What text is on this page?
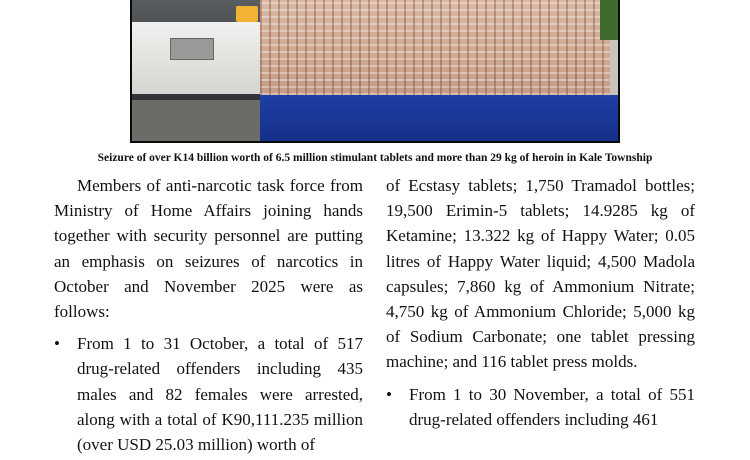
Seizure of over K14 billion worth of 6.5 million stimulant tablets and more than 29 kg of heroin in Kale Township

Members of anti-narcotic task force from Ministry of Home Affairs joining hands together with security personnel are putting an emphasis on seizures of narcotics in October and November 2025 were as follows:

• From 1 to 31 October, a total of 517 drug-related offenders including 435 males and 82 females were arrested, along with a total of K90,111.235 million (over USD 25.03 million) worth of

of Ecstasy tablets; 1,750 Tramadol bottles; 19,500 Erimin-5 tablets; 14.9285 kg of Ketamine; 13.322 kg of Happy Water; 0.05 litres of Happy Water liquid; 4,500 Madola capsules; 7,860 kg of Ammonium Nitrate; 4,750 kg of Ammonium Chloride; 5,000 kg of Sodium Carbonate; one tablet pressing machine; and 116 tablet press molds.

• From 1 to 30 November, a total of 551 drug-related offenders including 461
